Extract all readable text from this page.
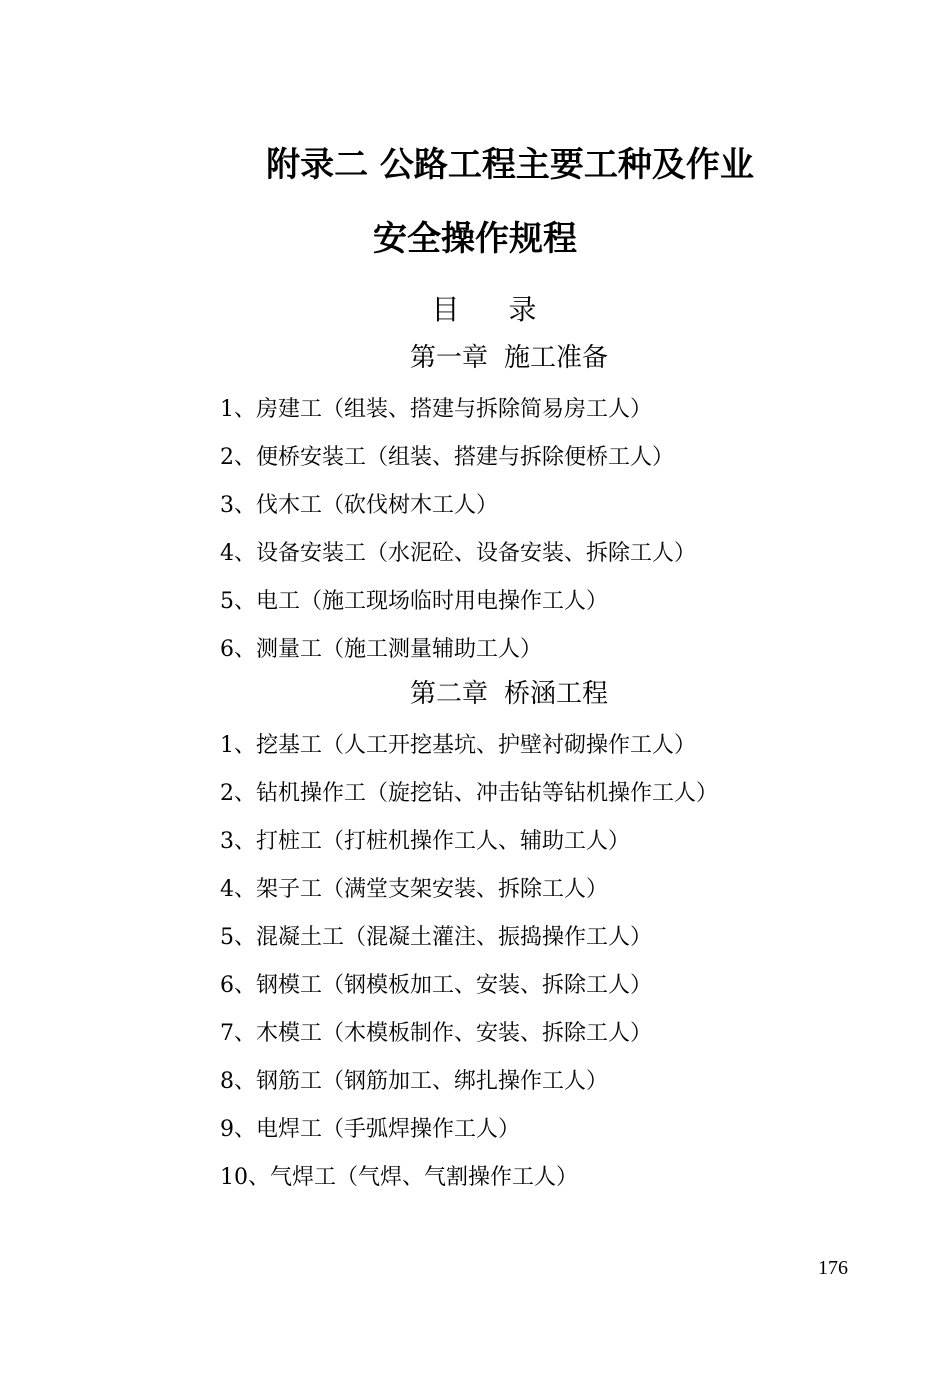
附录二 公路工程主要工种及作业
安全操作规程
目 录
第一章 施工准备
1、房建工（组装、搭建与拆除简易房工人）
2、便桥安装工（组装、搭建与拆除便桥工人）
3、伐木工（砍伐树木工人）
4、设备安装工（水泥砼、设备安装、拆除工人）
5、电工（施工现场临时用电操作工人）
6、测量工（施工测量辅助工人）
第二章 桥涵工程
1、挖基工（人工开挖基坑、护壁衬砌操作工人）
2、钻机操作工（旋挖钻、冲击钻等钻机操作工人）
3、打桩工（打桩机操作工人、辅助工人）
4、架子工（满堂支架安装、拆除工人）
5、混凝土工（混凝土灌注、振捣操作工人）
6、钢模工（钢模板加工、安装、拆除工人）
7、木模工（木模板制作、安装、拆除工人）
8、钢筋工（钢筋加工、绑扎操作工人）
9、电焊工（手弧焊操作工人）
10、气焊工（气焊、气割操作工人）
176
